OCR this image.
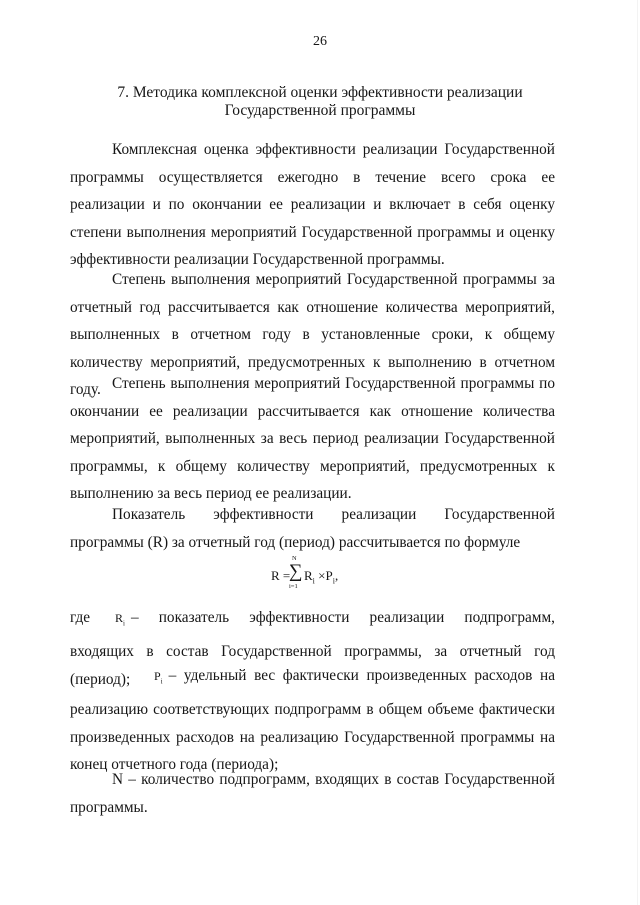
26
7. Методика комплексной оценки эффективности реализации
Государственной программы

Комплексная оценка эффективности реализации Государственной программы осуществляется ежегодно в течение всего срока ее реализации и по окончании ее реализации и включает в себя оценку степени выполнения мероприятий Государственной программы и оценку эффективности реализации Государственной программы.

Степень выполнения мероприятий Государственной программы за отчетный год рассчитывается как отношение количества мероприятий, выполненных в отчетном году в установленные сроки, к общему количеству мероприятий, предусмотренных к выполнению в отчетном году. Степень выполнения мероприятий Государственной программы по окончании ее реализации рассчитывается как отношение количества мероприятий, выполненных за весь период реализации Государственной программы, к общему количеству мероприятий, предусмотренных к выполнению за весь период ее реализации.

Показатель эффективности реализации Государственной программы (R) за отчетный год (период) рассчитывается по формуле

R =
N
∑
i=1
$R_i \times P_i$,

где $R_i$ – показатель эффективности реализации подпрограмм, входящих в состав Государственной программы, за отчетный год (период);	$P_i$ – удельный вес фактически произведенных расходов на реализацию соответствующих подпрограмм в общем объеме фактически произведенных расходов на реализацию Государственной программы на конец отчетного года (периода);

N – количество подпрограмм, входящих в состав Государственной программы.
